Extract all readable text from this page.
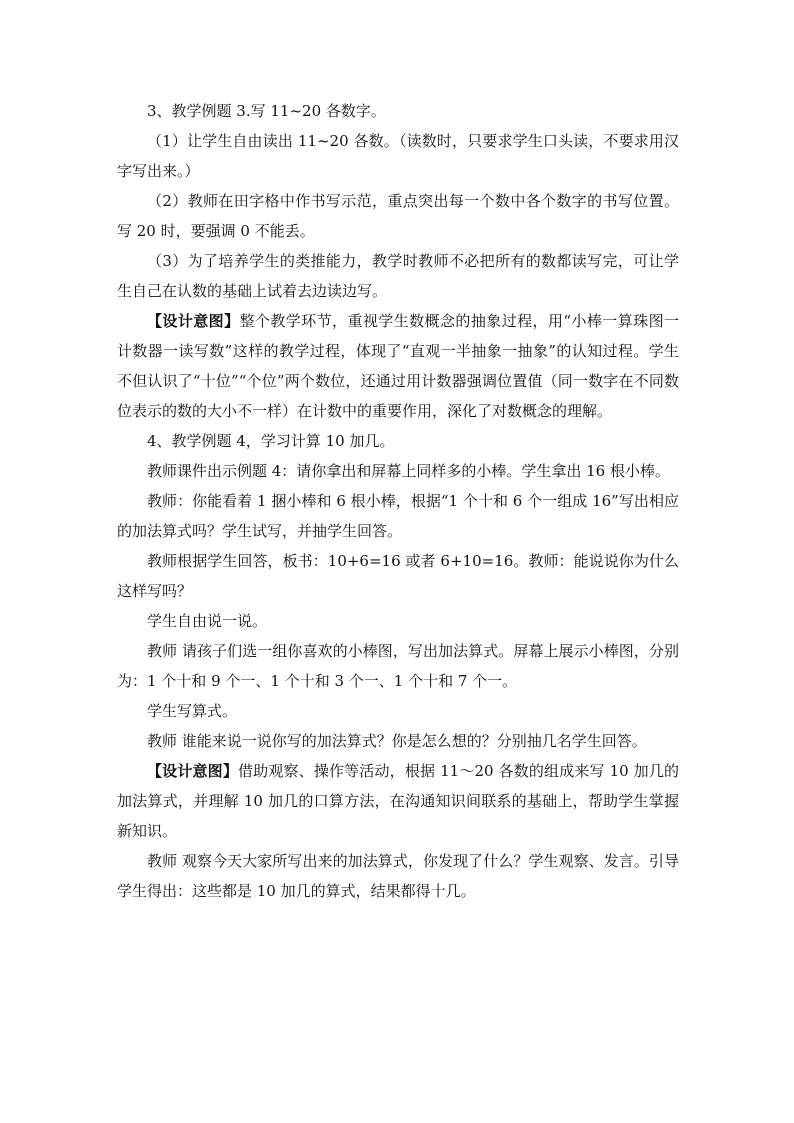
3、教学例题 3.写 11~20 各数字。

（1）让学生自由读出 11~20 各数。（读数时，只要求学生口头读，不要求用汉字写出来。）

（2）教师在田字格中作书写示范，重点突出每一个数中各个数字的书写位置。写 20 时，要强调 0 不能丢。

（3）为了培养学生的类推能力，教学时教师不必把所有的数都读写完，可让学生自己在认数的基础上试着去边读边写。

【设计意图】整个教学环节，重视学生数概念的抽象过程，用“小棒一算珠图一计数器一读写数”这样的教学过程，体现了“直观一半抽象一抽象”的认知过程。学生不但认识了“十位”“个位”两个数位，还通过用计数器强调位置值（同一数字在不同数位表示的数的大小不一样）在计数中的重要作用，深化了对数概念的理解。

4、教学例题 4，学习计算 10 加几。

教师课件出示例题 4：请你拿出和屏幕上同样多的小棒。学生拿出 16 根小棒。

教师：你能看着 1 捆小棒和 6 根小棒，根据“1 个十和 6 个一组成 16”写出相应的加法算式吗？学生试写，并抽学生回答。

教师根据学生回答，板书：10+6=16 或者 6+10=16。教师：能说说你为什么这样写吗？

学生自由说一说。

教师 请孩子们选一组你喜欢的小棒图，写出加法算式。屏幕上展示小棒图，分别为：1 个十和 9 个一、1 个十和 3 个一、1 个十和 7 个一。

学生写算式。

教师 谁能来说一说你写的加法算式？你是怎么想的？分别抽几名学生回答。

【设计意图】借助观察、操作等活动，根据 11～20 各数的组成来写 10 加几的加法算式，并理解 10 加几的口算方法，在沟通知识间联系的基础上，帮助学生掌握新知识。

教师 观察今天大家所写出来的加法算式，你发现了什么？学生观察、发言。引导学生得出：这些都是 10 加几的算式，结果都得十几。
